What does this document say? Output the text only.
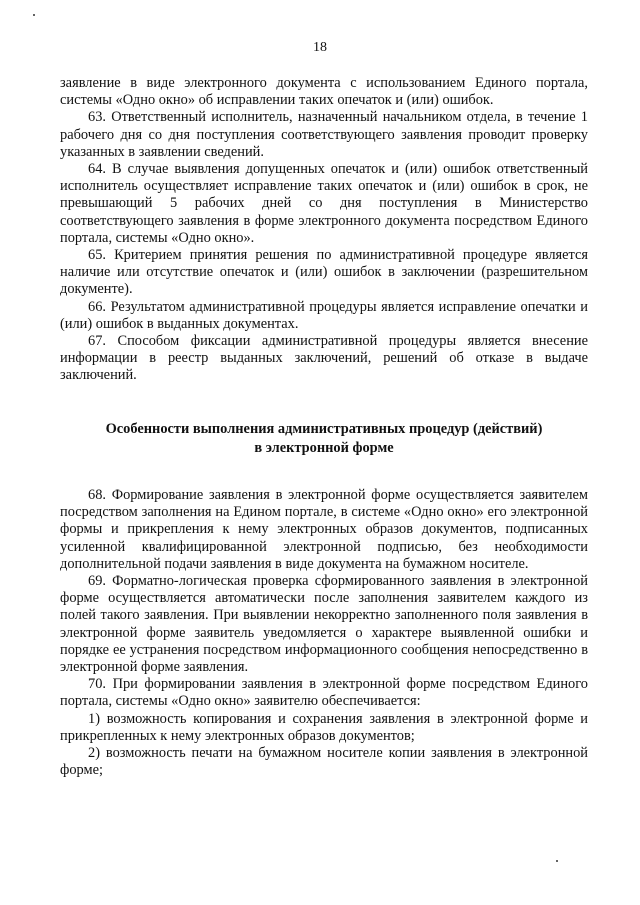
18

заявление в виде электронного документа с использованием Единого портала, системы «Одно окно» об исправлении таких опечаток и (или) ошибок.

63. Ответственный исполнитель, назначенный начальником отдела, в течение 1 рабочего дня со дня поступления соответствующего заявления проводит проверку указанных в заявлении сведений.

64. В случае выявления допущенных опечаток и (или) ошибок ответственный исполнитель осуществляет исправление таких опечаток и (или) ошибок в срок, не превышающий 5 рабочих дней со дня поступления в Министерство соответствующего заявления в форме электронного документа посредством Единого портала, системы «Одно окно».

65. Критерием принятия решения по административной процедуре является наличие или отсутствие опечаток и (или) ошибок в заключении (разрешительном документе).

66. Результатом административной процедуры является исправление опечатки и (или) ошибок в выданных документах.

67. Способом фиксации административной процедуры является внесение информации в реестр выданных заключений, решений об отказе в выдаче заключений.

Особенности выполнения административных процедур (действий)
в электронной форме

68. Формирование заявления в электронной форме осуществляется заявителем посредством заполнения на Едином портале, в системе «Одно окно» его электронной формы и прикрепления к нему электронных образов документов, подписанных усиленной квалифицированной электронной подписью, без необходимости дополнительной подачи заявления в виде документа на бумажном носителе.

69. Форматно-логическая проверка сформированного заявления в электронной форме осуществляется автоматически после заполнения заявителем каждого из полей такого заявления. При выявлении некорректно заполненного поля заявления в электронной форме заявитель уведомляется о характере выявленной ошибки и порядке ее устранения посредством информационного сообщения непосредственно в электронной форме заявления.

70. При формировании заявления в электронной форме посредством Единого портала, системы «Одно окно» заявителю обеспечивается:

1) возможность копирования и сохранения заявления в электронной форме и прикрепленных к нему электронных образов документов;

2) возможность печати на бумажном носителе копии заявления в электронной форме;
